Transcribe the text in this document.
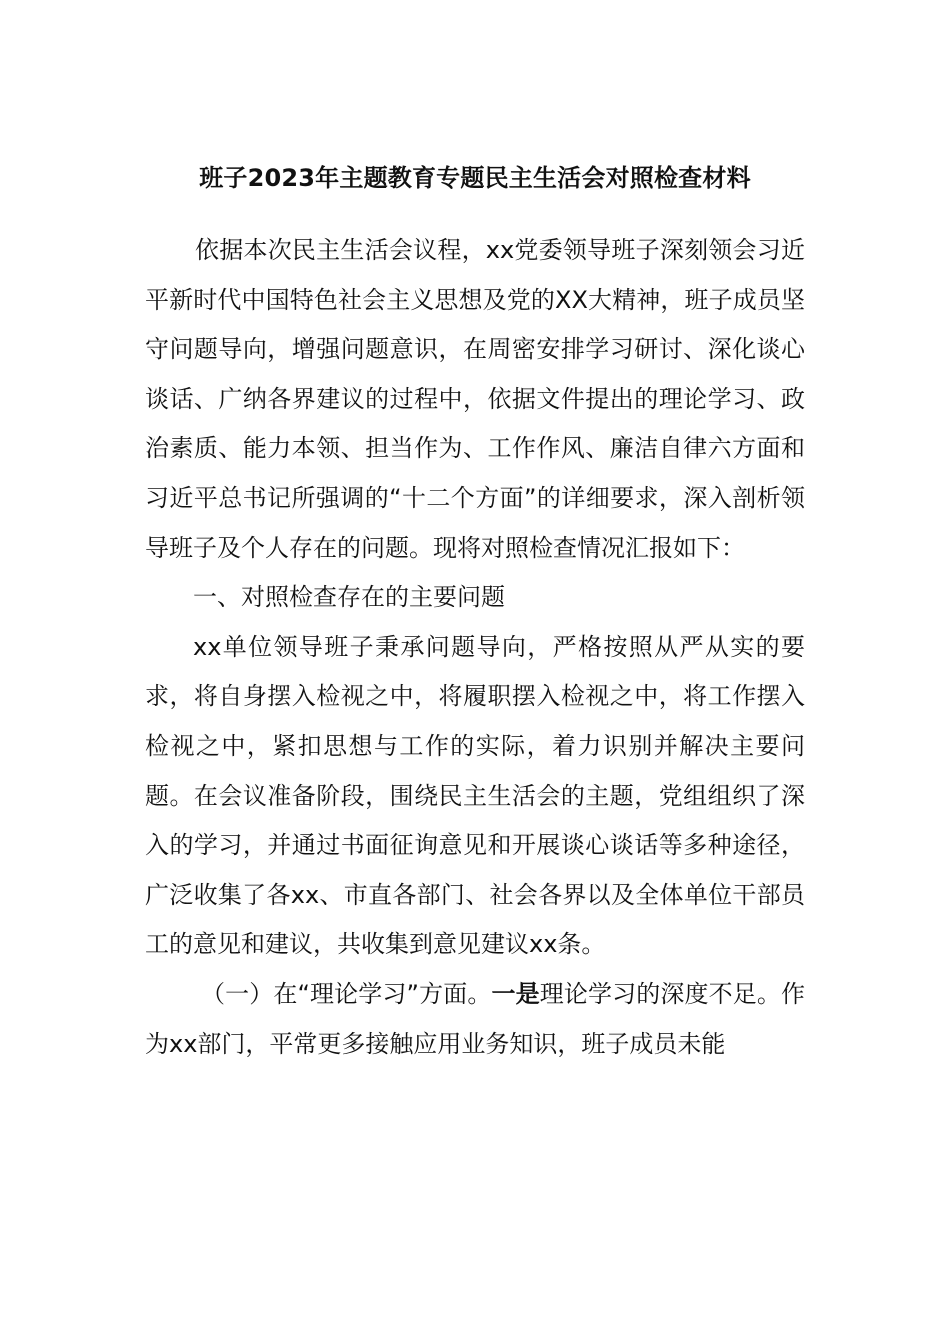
班子2023年主题教育专题民主生活会对照检查材料

依据本次民主生活会议程，xx党委领导班子深刻领会习近平新时代中国特色社会主义思想及党的XX大精神，班子成员坚守问题导向，增强问题意识，在周密安排学习研讨、深化谈心谈话、广纳各界建议的过程中，依据文件提出的理论学习、政治素质、能力本领、担当作为、工作作风、廉洁自律六方面和习近平总书记所强调的“十二个方面”的详细要求，深入剖析领导班子及个人存在的问题。现将对照检查情况汇报如下：

一、对照检查存在的主要问题

xx单位领导班子秉承问题导向，严格按照从严从实的要求，将自身摆入检视之中，将履职摆入检视之中，将工作摆入检视之中，紧扣思想与工作的实际，着力识别并解决主要问题。在会议准备阶段，围绕民主生活会的主题，党组组织了深入的学习，并通过书面征询意见和开展谈心谈话等多种途径，广泛收集了各xx、市直各部门、社会各界以及全体单位干部员工的意见和建议，共收集到意见建议xx条。

（一）在“理论学习”方面。一是理论学习的深度不足。作为xx部门，平常更多接触应用业务知识，班子成员未能
